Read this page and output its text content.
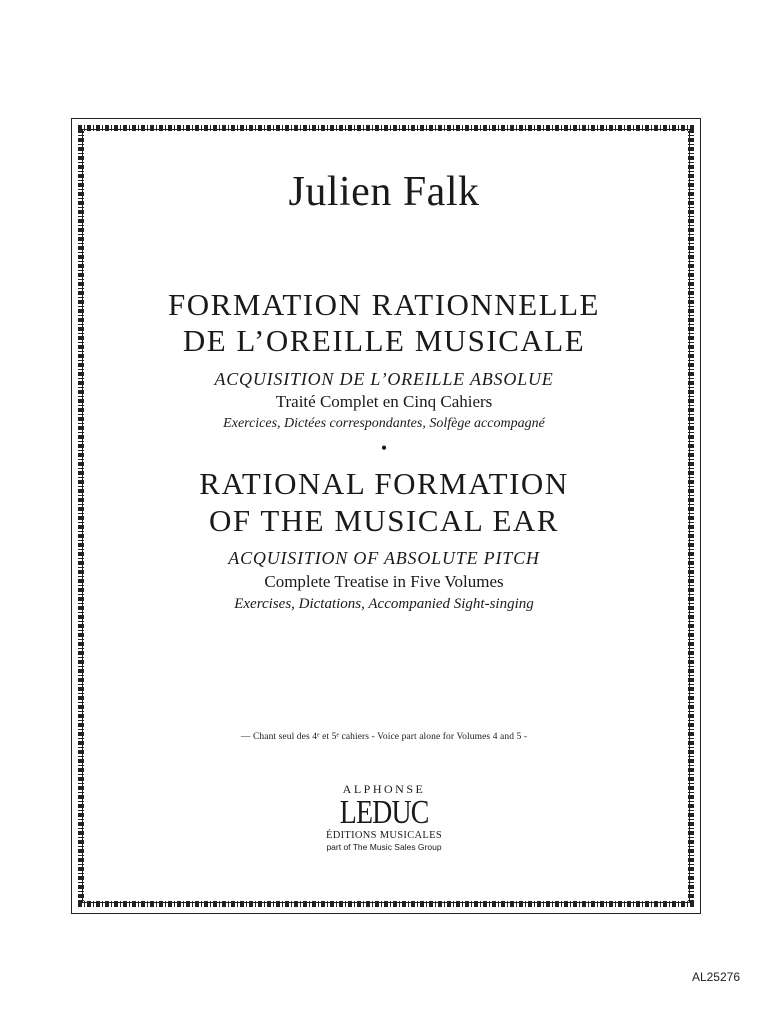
Julien Falk
FORMATION RATIONNELLE
DE L’OREILLE MUSICALE
ACQUISITION DE L’OREILLE ABSOLUE
Traité Complet en Cinq Cahiers
Exercices, Dictées correspondantes, Solfège accompagné
•
RATIONAL FORMATION
OF THE MUSICAL EAR
ACQUISITION OF ABSOLUTE PITCH
Complete Treatise in Five Volumes
Exercises, Dictations, Accompanied Sight-singing
— Chant seul des 4ᵉ et 5ᵉ cahiers - Voice part alone for Volumes 4 and 5 -
ALPHONSE
LEDUC
ÉDITIONS MUSICALES
part of The Music Sales Group
AL25276
